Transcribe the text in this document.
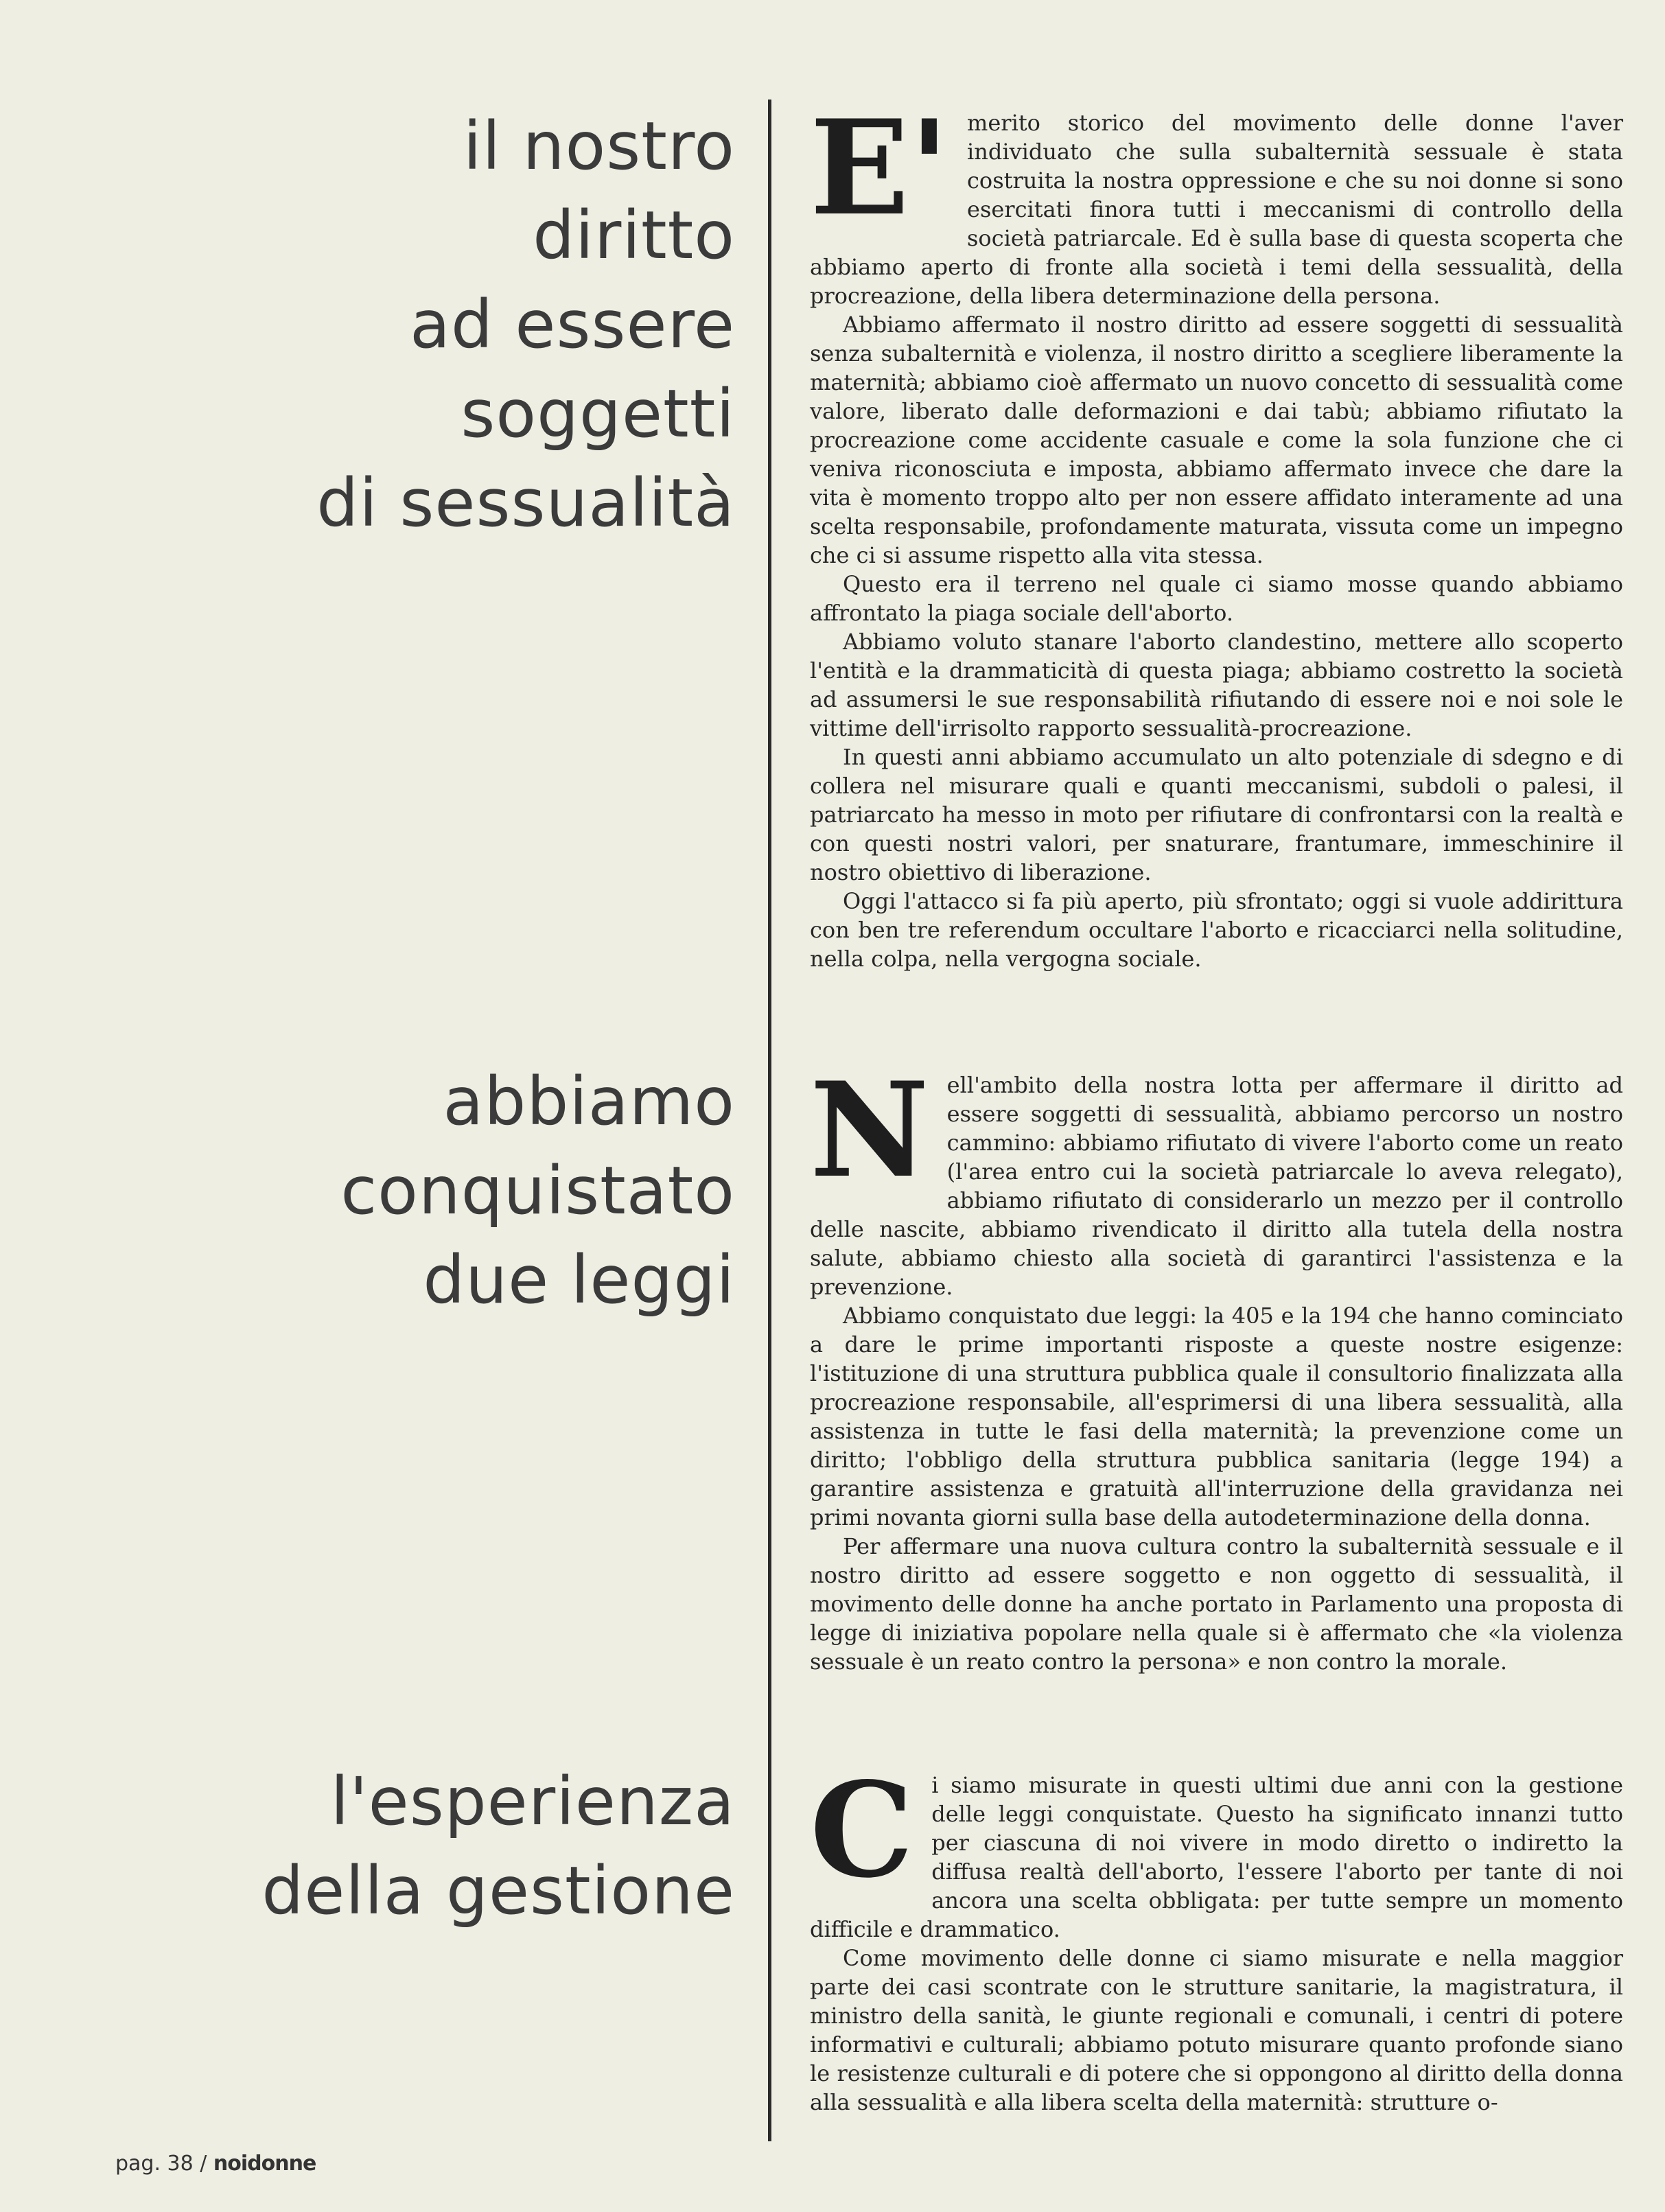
il nostro
diritto
ad essere
soggetti
di sessualità
abbiamo
conquistato
due leggi
l'esperienza
della gestione
E' merito storico del movimento delle donne l'aver individuato che sulla subalternità sessuale è stata costruita la nostra oppressione e che su noi donne si sono esercitati finora tutti i meccanismi di controllo della società patriarcale. Ed è sulla base di questa scoperta che abbiamo aperto di fronte alla società i temi della sessualità, della procreazione, della libera determinazione della persona.

Abbiamo affermato il nostro diritto ad essere soggetti di sessualità senza subalternità e violenza, il nostro diritto a scegliere liberamente la maternità; abbiamo cioè affermato un nuovo concetto di sessualità come valore, liberato dalle deformazioni e dai tabù; abbiamo rifiutato la procreazione come accidente casuale e come la sola funzione che ci veniva riconosciuta e imposta, abbiamo affermato invece che dare la vita è momento troppo alto per non essere affidato interamente ad una scelta responsabile, profondamente maturata, vissuta come un impegno che ci si assume rispetto alla vita stessa.

Questo era il terreno nel quale ci siamo mosse quando abbiamo affrontato la piaga sociale dell'aborto.

Abbiamo voluto stanare l'aborto clandestino, mettere allo scoperto l'entità e la drammaticità di questa piaga; abbiamo costretto la società ad assumersi le sue responsabilità rifiutando di essere noi e noi sole le vittime dell'irrisolto rapporto sessualità-procreazione.

In questi anni abbiamo accumulato un alto potenziale di sdegno e di collera nel misurare quali e quanti meccanismi, subdoli o palesi, il patriarcato ha messo in moto per rifiutare di confrontarsi con la realtà e con questi nostri valori, per snaturare, frantumare, immeschinire il nostro obiettivo di liberazione.

Oggi l'attacco si fa più aperto, più sfrontato; oggi si vuole addirittura con ben tre referendum occultare l'aborto e ricacciarci nella solitudine, nella colpa, nella vergogna sociale.

N ell'ambito della nostra lotta per affermare il diritto ad essere soggetti di sessualità, abbiamo percorso un nostro cammino: abbiamo rifiutato di vivere l'aborto come un reato (l'area entro cui la società patriarcale lo aveva relegato), abbiamo rifiutato di considerarlo un mezzo per il controllo delle nascite, abbiamo rivendicato il diritto alla tutela della nostra salute, abbiamo chiesto alla società di garantirci l'assistenza e la prevenzione.

Abbiamo conquistato due leggi: la 405 e la 194 che hanno cominciato a dare le prime importanti risposte a queste nostre esigenze: l'istituzione di una struttura pubblica quale il consultorio finalizzata alla procreazione responsabile, all'esprimersi di una libera sessualità, alla assistenza in tutte le fasi della maternità; la prevenzione come un diritto; l'obbligo della struttura pubblica sanitaria (legge 194) a garantire assistenza e gratuità all'interruzione della gravidanza nei primi novanta giorni sulla base della autodeterminazione della donna.

Per affermare una nuova cultura contro la subalternità sessuale e il nostro diritto ad essere soggetto e non oggetto di sessualità, il movimento delle donne ha anche portato in Parlamento una proposta di legge di iniziativa popolare nella quale si è affermato che «la violenza sessuale è un reato contro la persona» e non contro la morale.

C i siamo misurate in questi ultimi due anni con la gestione delle leggi conquistate. Questo ha significato innanzi tutto per ciascuna di noi vivere in modo diretto o indiretto la diffusa realtà dell'aborto, l'essere l'aborto per tante di noi ancora una scelta obbligata: per tutte sempre un momento difficile e drammatico.

Come movimento delle donne ci siamo misurate e nella maggior parte dei casi scontrate con le strutture sanitarie, la magistratura, il ministro della sanità, le giunte regionali e comunali, i centri di potere informativi e culturali; abbiamo potuto misurare quanto profonde siano le resistenze culturali e di potere che si oppongono al diritto della donna alla sessualità e alla libera scelta della maternità: strutture o-

pag. 38 / noidonne
